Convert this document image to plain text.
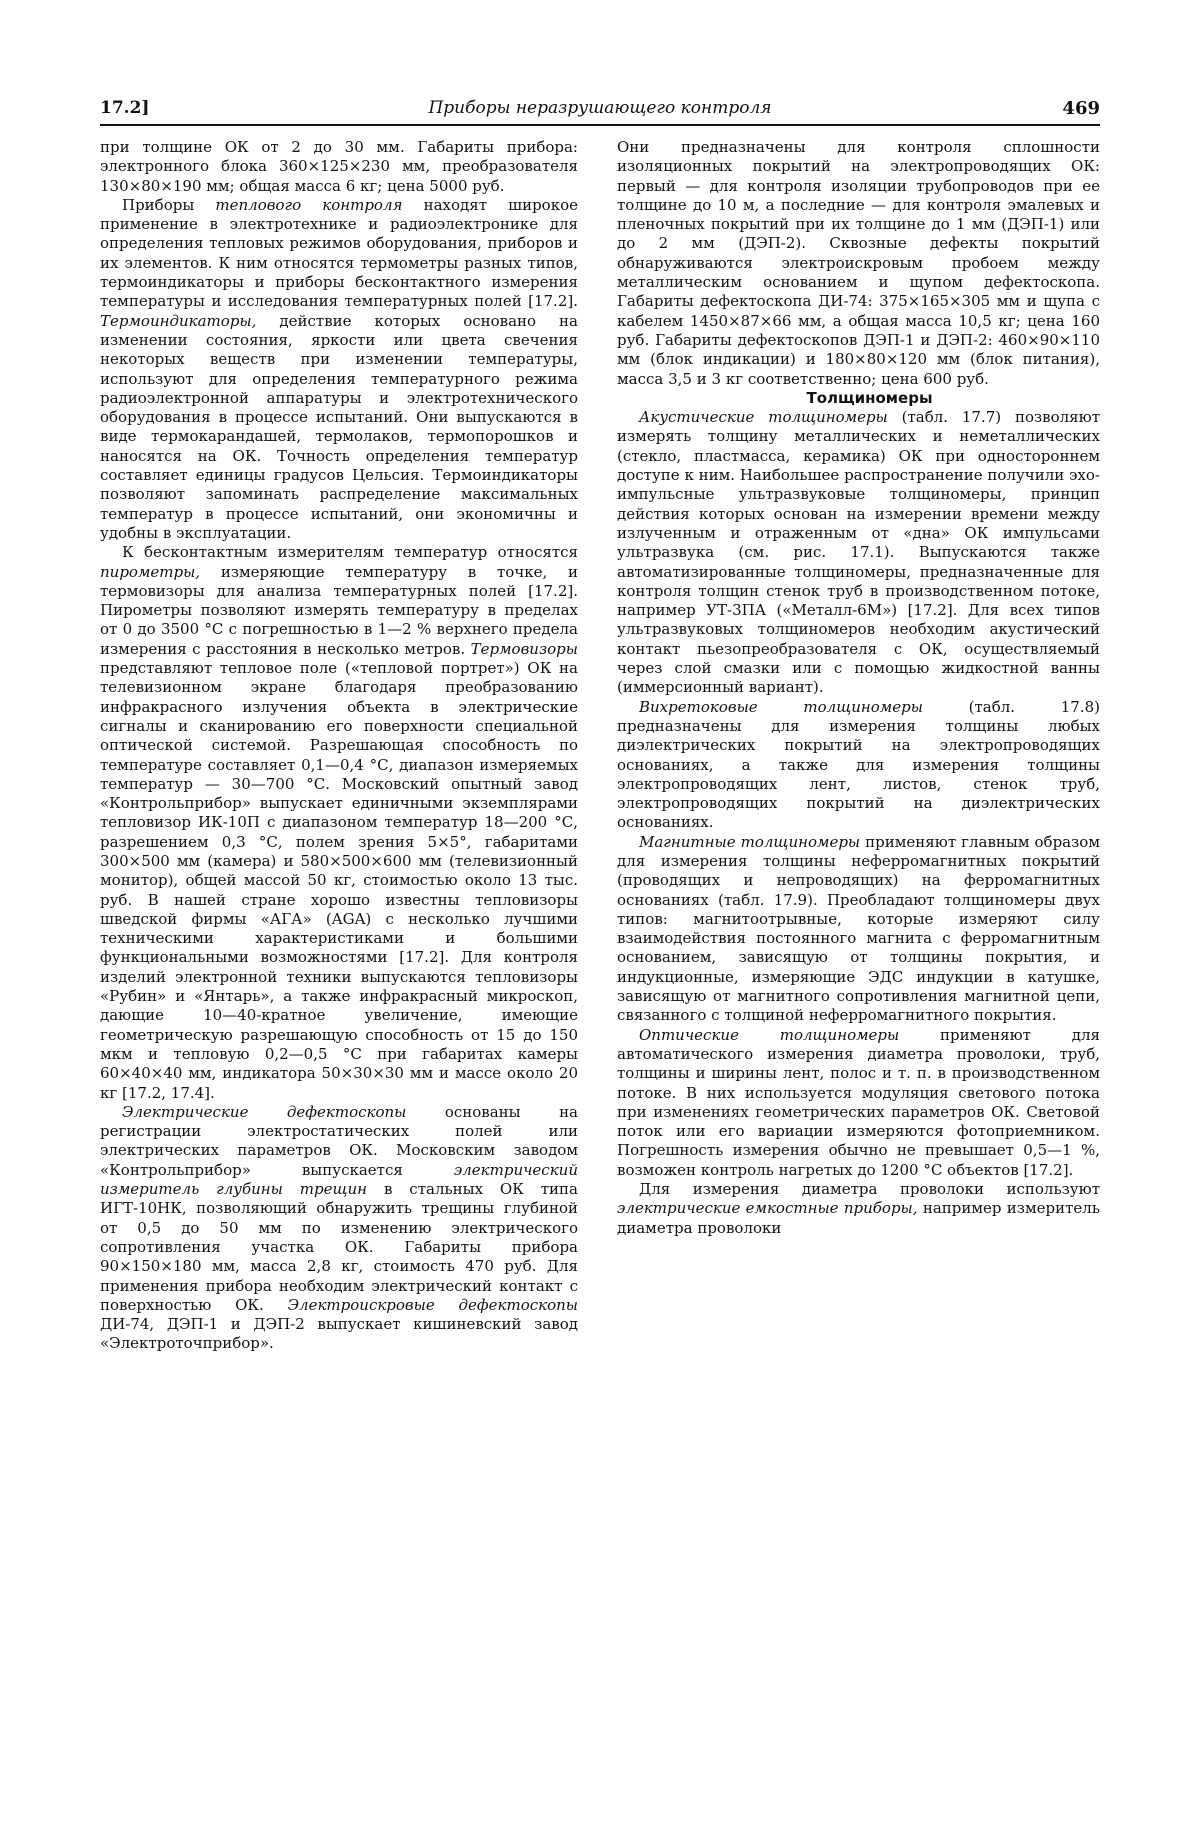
17.2]	Приборы неразрушающего контроля	469

при толщине ОК от 2 до 30 мм. Габариты прибора: электронного блока 360×125×230 мм, преобразователя 130×80×190 мм; общая масса 6 кг; цена 5000 руб.

Приборы теплового контроля находят широкое применение в электротехнике и радиоэлектронике для определения тепловых режимов оборудования, приборов и их элементов. К ним относятся термометры разных типов, термоиндикаторы и приборы бесконтактного измерения температуры и исследования температурных полей [17.2]. Термоиндикаторы, действие которых основано на изменении состояния, яркости или цвета свечения некоторых веществ при изменении температуры, используют для определения температурного режима радиоэлектронной аппаратуры и электротехнического оборудования в процессе испытаний. Они выпускаются в виде термокарандашей, термолаков, термопорошков и наносятся на ОК. Точность определения температур составляет единицы градусов Цельсия. Термоиндикаторы позволяют запоминать распределение максимальных температур в процессе испытаний, они экономичны и удобны в эксплуатации.

К бесконтактным измерителям температур относятся пирометры, измеряющие температуру в точке, и термовизоры для анализа температурных полей [17.2]. Пирометры позволяют измерять температуру в пределах от 0 до 3500 °С с погрешностью в 1—2 % верхнего предела измерения с расстояния в несколько метров. Термовизоры представляют тепловое поле («тепловой портрет») ОК на телевизионном экране благодаря преобразованию инфракрасного излучения объекта в электрические сигналы и сканированию его поверхности специальной оптической системой. Разрешающая способность по температуре составляет 0,1—0,4 °С, диапазон измеряемых температур — 30—700 °С. Московский опытный завод «Контрольприбор» выпускает единичными экземплярами тепловизор ИК-10П с диапазоном температур 18—200 °С, разрешением 0,3 °С, полем зрения 5×5°, габаритами 300×500 мм (камера) и 580×500×600 мм (телевизионный монитор), общей массой 50 кг, стоимостью около 13 тыс. руб. В нашей стране хорошо известны тепловизоры шведской фирмы «АГА» (AGA) с несколько лучшими техническими характеристиками и большими функциональными возможностями [17.2]. Для контроля изделий электронной техники выпускаются тепловизоры «Рубин» и «Янтарь», а также инфракрасный микроскоп, дающие 10—40-кратное увеличение, имеющие геометрическую разрешающую способность от 15 до 150 мкм и тепловую 0,2—0,5 °С при габаритах камеры 60×40×40 мм, индикатора 50×30×30 мм и массе около 20 кг [17.2, 17.4].

Электрические дефектоскопы основаны на регистрации электростатических полей или электрических параметров ОК. Московским заводом «Контрольприбор» выпускается электрический измеритель глубины трещин в стальных ОК типа ИГТ-10НК, позволяющий обнаружить трещины глубиной от 0,5 до 50 мм по изменению электрического сопротивления участка ОК. Габариты прибора 90×150×180 мм, масса 2,8 кг, стоимость 470 руб. Для применения прибора необходим электрический контакт с поверхностью ОК. Электроискровые дефектоскопы ДИ-74, ДЭП-1 и ДЭП-2 выпускает кишиневский завод «Электроточприбор».

Они предназначены для контроля сплошности изоляционных покрытий на электропроводящих ОК: первый — для контроля изоляции трубопроводов при ее толщине до 10 м, а последние — для контроля эмалевых и пленочных покрытий при их толщине до 1 мм (ДЭП-1) или до 2 мм (ДЭП-2). Сквозные дефекты покрытий обнаруживаются электроискровым пробоем между металлическим основанием и щупом дефектоскопа. Габариты дефектоскопа ДИ-74: 375×165×305 мм и щупа с кабелем 1450×87×66 мм, а общая масса 10,5 кг; цена 160 руб. Габариты дефектоскопов ДЭП-1 и ДЭП-2: 460×90×110 мм (блок индикации) и 180×80×120 мм (блок питания), масса 3,5 и 3 кг соответственно; цена 600 руб.

Толщиномеры

Акустические толщиномеры (табл. 17.7) позволяют измерять толщину металлических и неметаллических (стекло, пластмасса, керамика) ОК при одностороннем доступе к ним. Наибольшее распространение получили эхо-импульсные ультразвуковые толщиномеры, принцип действия которых основан на измерении времени между излученным и отраженным от «дна» ОК импульсами ультразвука (см. рис. 17.1). Выпускаются также автоматизированные толщиномеры, предназначенные для контроля толщин стенок труб в производственном потоке, например УТ-3ПА («Металл-6М») [17.2]. Для всех типов ультразвуковых толщиномеров необходим акустический контакт пьезопреобразователя с ОК, осуществляемый через слой смазки или с помощью жидкостной ванны (иммерсионный вариант).

Вихретоковые толщиномеры (табл. 17.8) предназначены для измерения толщины любых диэлектрических покрытий на электропроводящих основаниях, а также для измерения толщины электропроводящих лент, листов, стенок труб, электропроводящих покрытий на диэлектрических основаниях.

Магнитные толщиномеры применяют главным образом для измерения толщины неферромагнитных покрытий (проводящих и непроводящих) на ферромагнитных основаниях (табл. 17.9). Преобладают толщиномеры двух типов: магнитоотрывные, которые измеряют силу взаимодействия постоянного магнита с ферромагнитным основанием, зависящую от толщины покрытия, и индукционные, измеряющие ЭДС индукции в катушке, зависящую от магнитного сопротивления магнитной цепи, связанного с толщиной неферромагнитного покрытия.

Оптические толщиномеры применяют для автоматического измерения диаметра проволоки, труб, толщины и ширины лент, полос и т. п. в производственном потоке. В них используется модуляция светового потока при изменениях геометрических параметров ОК. Световой поток или его вариации измеряются фотоприемником. Погрешность измерения обычно не превышает 0,5—1 %, возможен контроль нагретых до 1200 °С объектов [17.2].

Для измерения диаметра проволоки используют электрические емкостные приборы, например измеритель диаметра проволоки
